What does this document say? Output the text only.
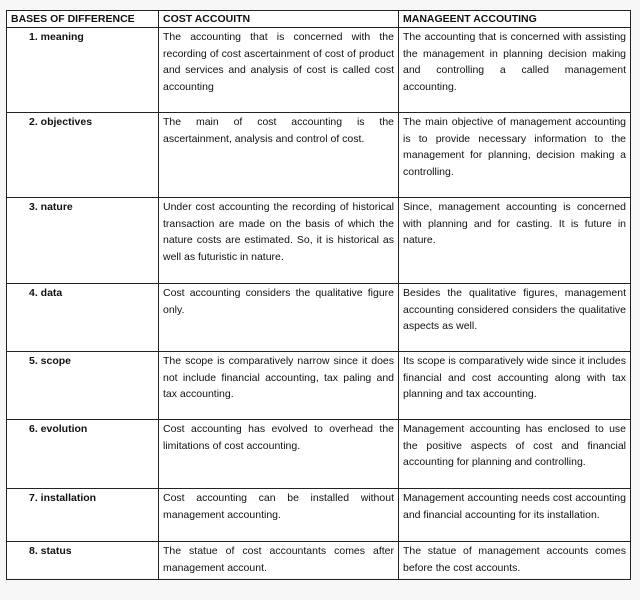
BASES OF DIFFERENCE	COST ACCOUITN	MANAGEENT ACCOUTING
1. meaning	The accounting that is concerned with the recording of cost ascertainment of cost of product and services and analysis of cost is called cost accounting	The accounting that is concerned with assisting the management in planning decision making and controlling a called management accounting.
2. objectives	The main of cost accounting is the ascertainment, analysis and control of cost.	The main objective of management accounting is to provide necessary information to the management for planning, decision making a controlling.
3. nature	Under cost accounting the recording of historical transaction are made on the basis of which the nature costs are estimated. So, it is historical as well as futuristic in nature.	Since, management accounting is concerned with planning and for casting. It is future in nature.
4. data	Cost accounting considers the qualitative figure only.	Besides the qualitative figures, management accounting considered considers the qualitative aspects as well.
5. scope	The scope is comparatively narrow since it does not include financial accounting, tax paling and tax accounting.	Its scope is comparatively wide since it includes financial and cost accounting along with tax planning and tax accounting.
6. evolution	Cost accounting has evolved to overhead the limitations of cost accounting.	Management accounting has enclosed to use the positive aspects of cost and financial accounting for planning and controlling.
7. installation	Cost accounting can be installed without management accounting.	Management accounting needs cost accounting and financial accounting for its installation.
8. status	The statue of cost accountants comes after management account.	The statue of management accounts comes before the cost accounts.
